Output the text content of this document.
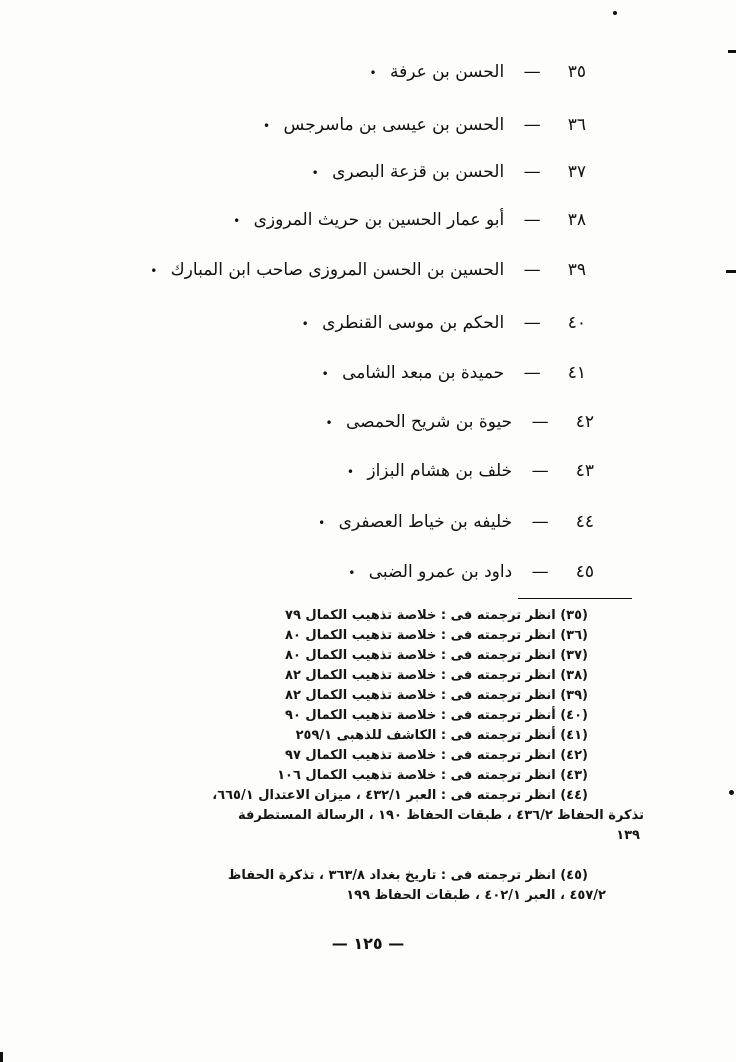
٣٥ — الحسن بن عرفة •
٣٦ — الحسن بن عيسى بن ماسرجس •
٣٧ — الحسن بن قزعة البصرى •
٣٨ — أبو عمار الحسين بن حريث المروزى •
٣٩ — الحسين بن الحسن المروزى صاحب ابن المبارك •
٤٠ — الحكم بن موسى القنطرى •
٤١ — حميدة بن مبعد الشامى •
٤٢ — حيوة بن شريح الحمصى •
٤٣ — خلف بن هشام البزاز •
٤٤ — خليفه بن خياط العصفرى •
٤٥ — داود بن عمرو الضبى •
(٣٥) انظر ترجمته فى : خلاصة تذهيب الكمال ٧٩
(٣٦) انظر ترجمته فى : خلاصة تذهيب الكمال ٨٠
(٣٧) انظر ترجمته فى : خلاصة تذهيب الكمال ٨٠
(٣٨) انظر ترجمته فى : خلاصة تذهيب الكمال ٨٢
(٣٩) انظر ترجمته فى : خلاصة تذهيب الكمال ٨٢
(٤٠) أنظر ترجمته فى : خلاصة تذهيب الكمال ٩٠
(٤١) أنظر ترجمته فى : الكاشف للذهبى ٢٥٩/١
(٤٢) انظر ترجمته فى : خلاصة تذهيب الكمال ٩٧
(٤٣) انظر ترجمته فى : خلاصة تذهيب الكمال ١٠٦
(٤٤) انظر ترجمته فى : العبر ٤٣٢/١ ، ميزان الاعتدال ٦٦٥/١،
تذكرة الحفاظ ٤٣٦/٢ ، طبقات الحفاظ ١٩٠ ، الرسالة المستطرفة
١٣٩
(٤٥) انظر ترجمته فى : تاريخ بغداد ٣٦٣/٨ ، تذكرة الحفاظ
٤٥٧/٢ ، العبر ٤٠٢/١ ، طبقات الحفاظ ١٩٩
— ١٢٥ —
